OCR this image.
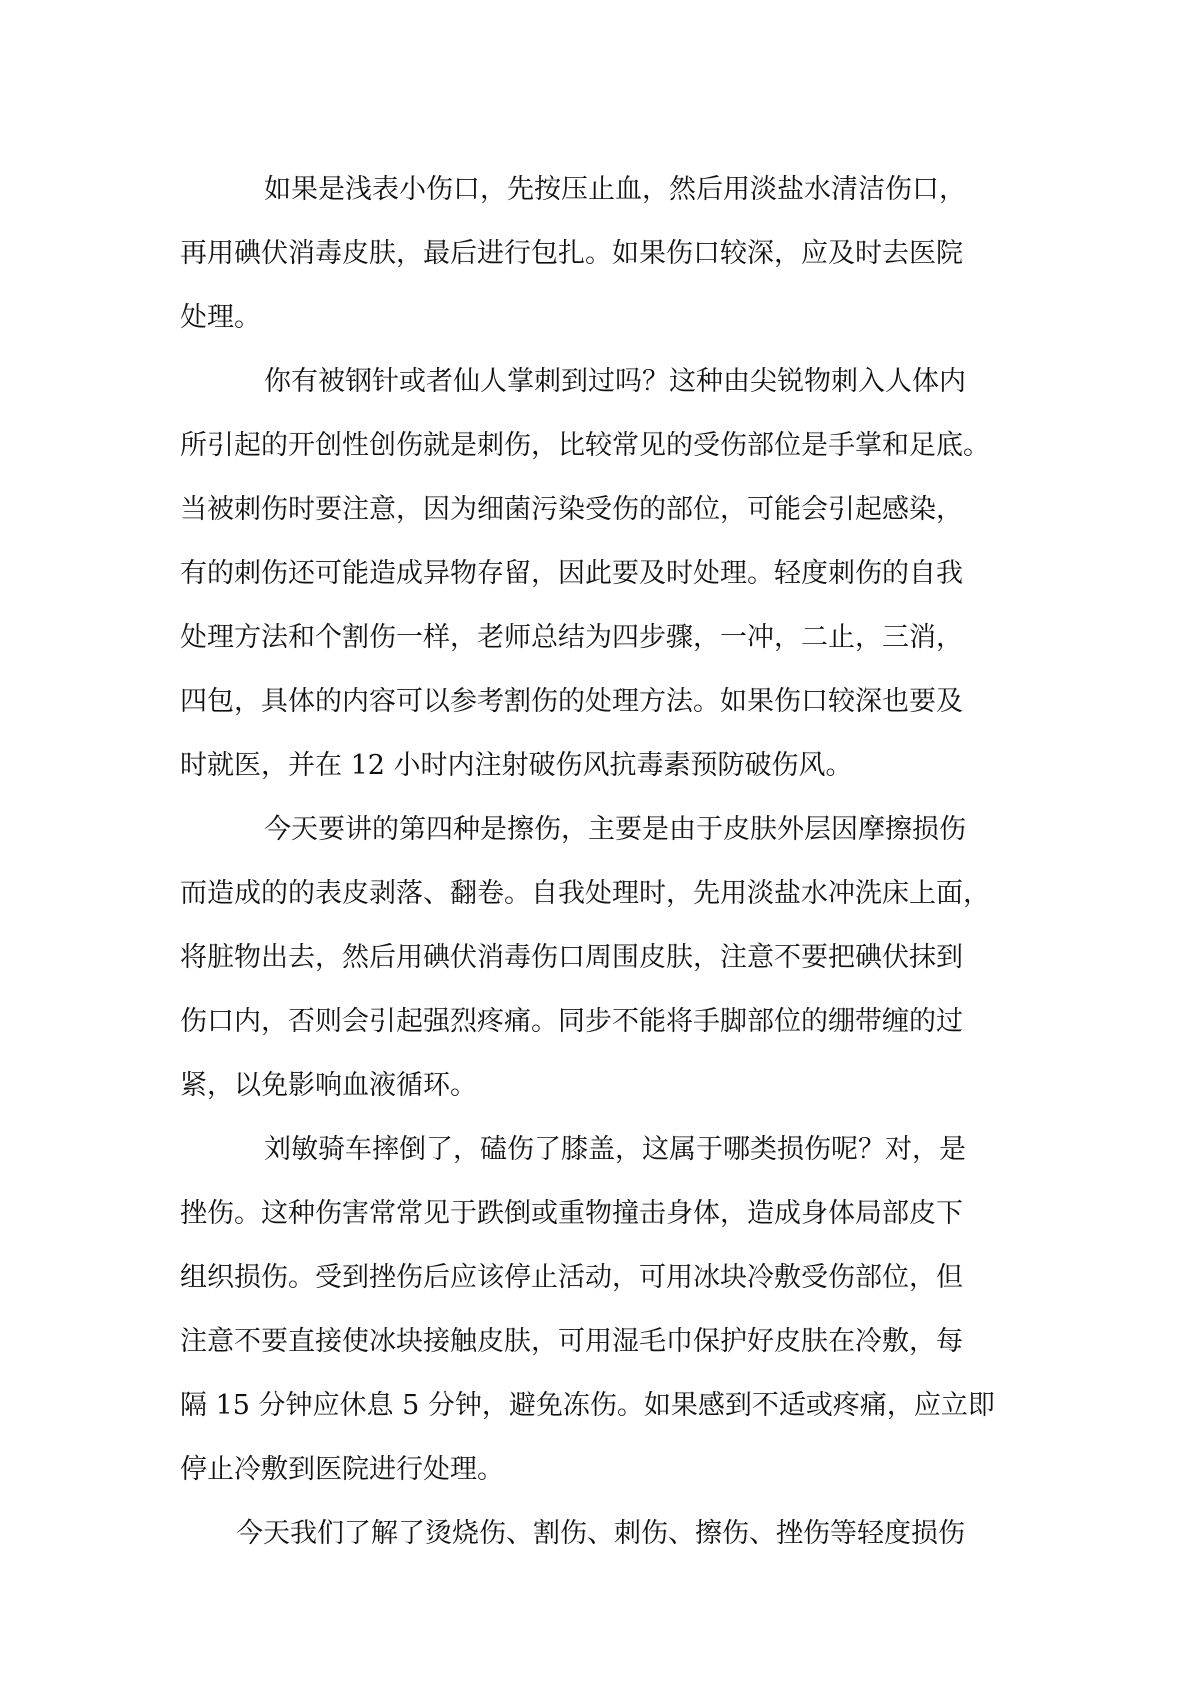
如果是浅表小伤口，先按压止血，然后用淡盐水清洁伤口，
再用碘伏消毒皮肤，最后进行包扎。如果伤口较深，应及时去医院
处理。
你有被钢针或者仙人掌刺到过吗？这种由尖锐物刺入人体内
所引起的开创性创伤就是刺伤，比较常见的受伤部位是手掌和足底。
当被刺伤时要注意，因为细菌污染受伤的部位，可能会引起感染，
有的刺伤还可能造成异物存留，因此要及时处理。轻度刺伤的自我
处理方法和个割伤一样，老师总结为四步骤，一冲，二止，三消，
四包，具体的内容可以参考割伤的处理方法。如果伤口较深也要及
时就医，并在 12 小时内注射破伤风抗毒素预防破伤风。
今天要讲的第四种是擦伤，主要是由于皮肤外层因摩擦损伤
而造成的的表皮剥落、翻卷。自我处理时，先用淡盐水冲洗床上面，
将脏物出去，然后用碘伏消毒伤口周围皮肤，注意不要把碘伏抹到
伤口内，否则会引起强烈疼痛。同步不能将手脚部位的绷带缠的过
紧，以免影响血液循环。
刘敏骑车摔倒了，磕伤了膝盖，这属于哪类损伤呢？对，是
挫伤。这种伤害常常见于跌倒或重物撞击身体，造成身体局部皮下
组织损伤。受到挫伤后应该停止活动，可用冰块冷敷受伤部位，但
注意不要直接使冰块接触皮肤，可用湿毛巾保护好皮肤在冷敷，每
隔 15 分钟应休息 5 分钟，避免冻伤。如果感到不适或疼痛，应立即
停止冷敷到医院进行处理。
今天我们了解了烫烧伤、割伤、刺伤、擦伤、挫伤等轻度损伤
